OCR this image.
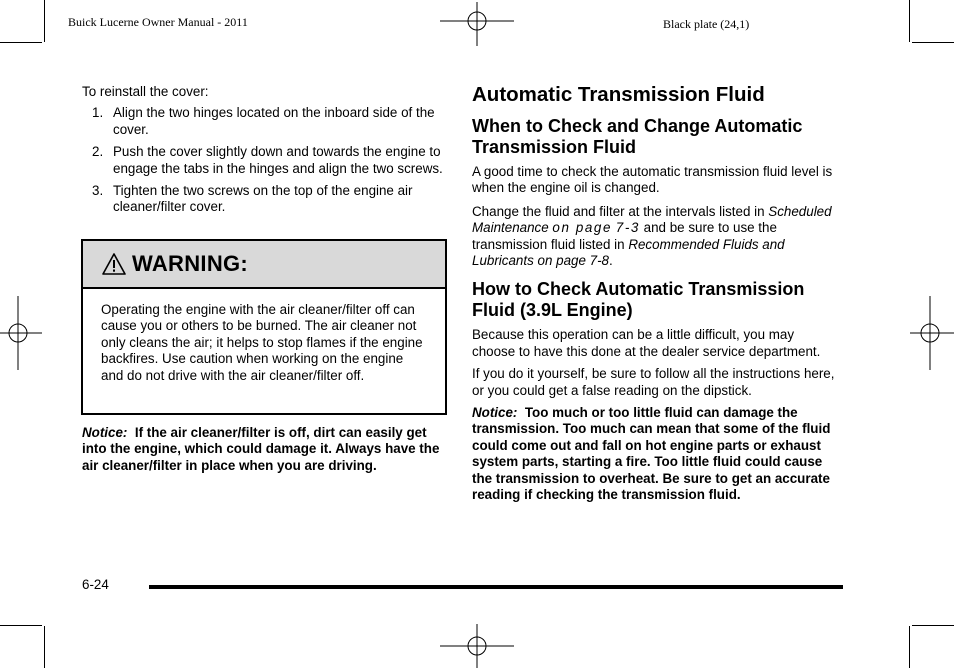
Buick Lucerne Owner Manual - 2011	Black plate (24,1)

To reinstall the cover:

1. Align the two hinges located on the inboard side of the cover.
2. Push the cover slightly down and towards the engine to engage the tabs in the hinges and align the two screws.
3. Tighten the two screws on the top of the engine air cleaner/filter cover.
WARNING:
Operating the engine with the air cleaner/filter off can cause you or others to be burned. The air cleaner not only cleans the air; it helps to stop flames if the engine backfires. Use caution when working on the engine and do not drive with the air cleaner/filter off.
Notice: If the air cleaner/filter is off, dirt can easily get into the engine, which could damage it. Always have the air cleaner/filter in place when you are driving.
Automatic Transmission Fluid
When to Check and Change Automatic Transmission Fluid

A good time to check the automatic transmission fluid level is when the engine oil is changed.

Change the fluid and filter at the intervals listed in Scheduled Maintenance on page 7-3 and be sure to use the transmission fluid listed in Recommended Fluids and Lubricants on page 7-8.

How to Check Automatic Transmission Fluid (3.9L Engine)

Because this operation can be a little difficult, you may choose to have this done at the dealer service department.

If you do it yourself, be sure to follow all the instructions here, or you could get a false reading on the dipstick.

Notice: Too much or too little fluid can damage the transmission. Too much can mean that some of the fluid could come out and fall on hot engine parts or exhaust system parts, starting a fire. Too little fluid could cause the transmission to overheat. Be sure to get an accurate reading if checking the transmission fluid.

6-24
